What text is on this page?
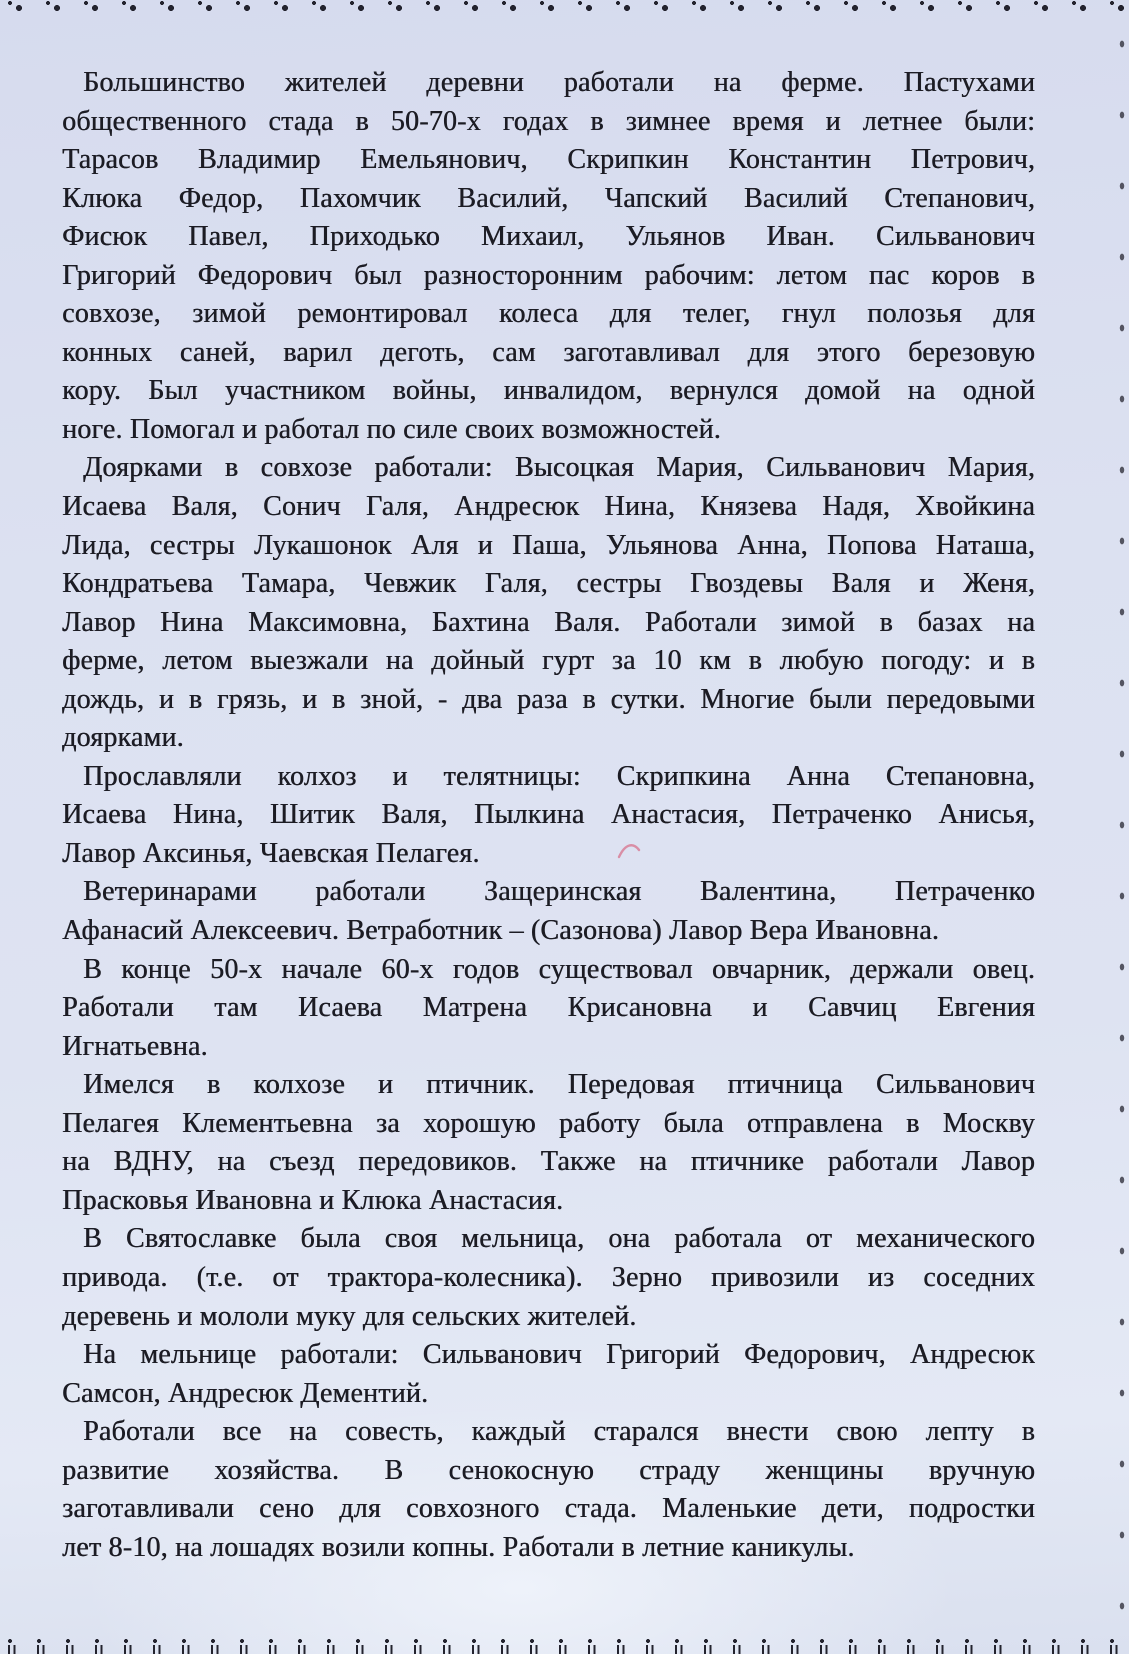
Большинство жителей деревни работали на ферме. Пастухами
общественного стада в 50-70-х годах в зимнее время и летнее были:
Тарасов Владимир Емельянович, Скрипкин Константин Петрович,
Клюка Федор, Пахомчик Василий, Чапский Василий Степанович,
Фисюк Павел, Приходько Михаил, Ульянов Иван. Сильванович
Григорий Федорович был разносторонним рабочим: летом пас коров в
совхозе, зимой ремонтировал колеса для телег, гнул полозья для
конных саней, варил деготь, сам заготавливал для этого березовую
кору. Был участником войны, инвалидом, вернулся домой на одной
ноге. Помогал и работал по силе своих возможностей.
Доярками в совхозе работали: Высоцкая Мария, Сильванович Мария,
Исаева Валя, Сонич Галя, Андресюк Нина, Князева Надя, Хвойкина
Лида, сестры Лукашонок Аля и Паша, Ульянова Анна, Попова Наташа,
Кондратьева Тамара, Чевжик Галя, сестры Гвоздевы Валя и Женя,
Лавор Нина Максимовна, Бахтина Валя. Работали зимой в базах на
ферме, летом выезжали на дойный гурт за 10 км в любую погоду: и в
дождь, и в грязь, и в зной, - два раза в сутки. Многие были передовыми
доярками.
Прославляли колхоз и телятницы: Скрипкина Анна Степановна,
Исаева Нина, Шитик Валя, Пылкина Анастасия, Петраченко Анисья,
Лавор Аксинья, Чаевская Пелагея.
Ветеринарами работали Защеринская Валентина, Петраченко
Афанасий Алексеевич. Ветработник – (Сазонова) Лавор Вера Ивановна.
В конце 50-х начале 60-х годов существовал овчарник, держали овец.
Работали там Исаева Матрена Крисановна и Савчиц Евгения
Игнатьевна.
Имелся в колхозе и птичник. Передовая птичница Сильванович
Пелагея Клементьевна за хорошую работу была отправлена в Москву
на ВДНУ, на съезд передовиков. Также на птичнике работали Лавор
Прасковья Ивановна и Клюка Анастасия.
В Святославке была своя мельница, она работала от механического
привода. (т.е. от трактора-колесника). Зерно привозили из соседних
деревень и мололи муку для сельских жителей.
На мельнице работали: Сильванович Григорий Федорович, Андресюк
Самсон, Андресюк Дементий.
Работали все на совесть, каждый старался внести свою лепту в
развитие хозяйства. В сенокосную страду женщины вручную
заготавливали сено для совхозного стада. Маленькие дети, подростки
лет 8-10, на лошадях возили копны. Работали в летние каникулы.
